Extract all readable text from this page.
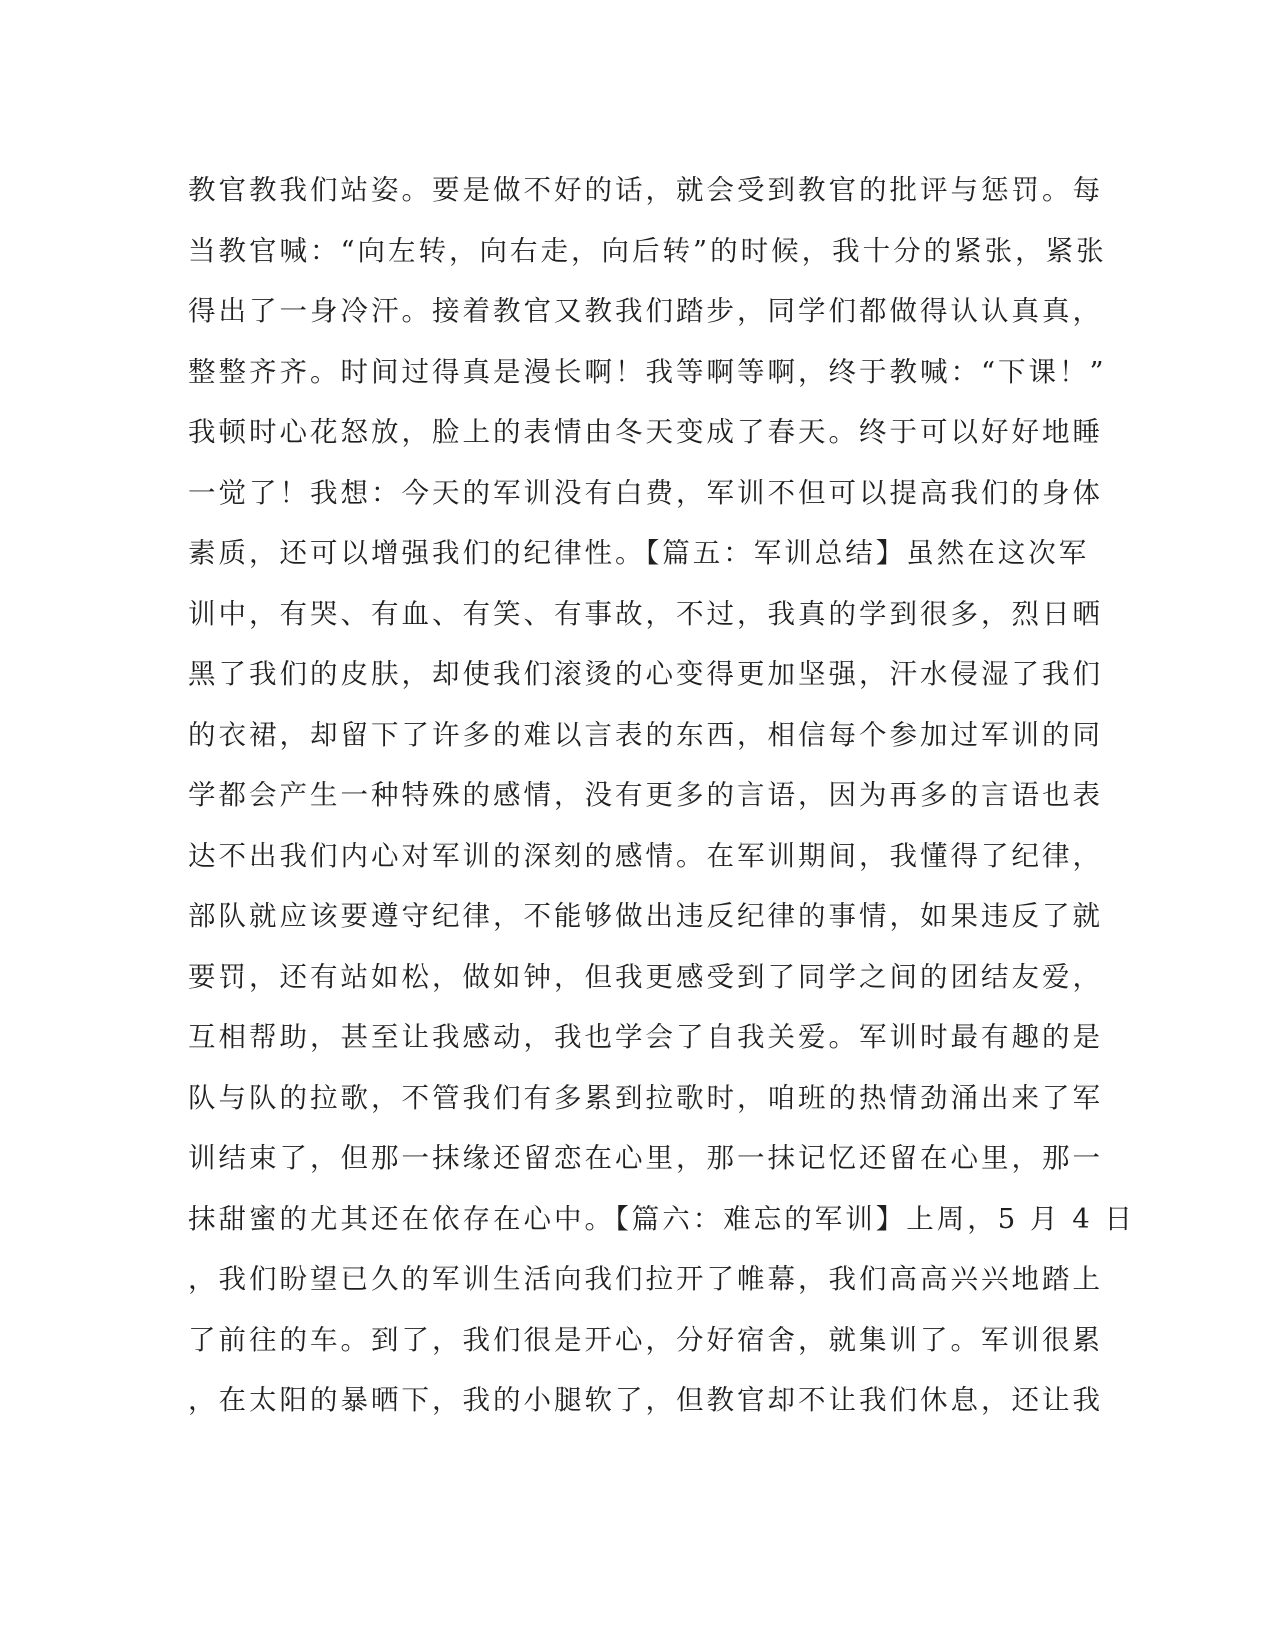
教官教我们站姿。要是做不好的话，就会受到教官的批评与惩罚。每
当教官喊：“向左转，向右走，向后转”的时候，我十分的紧张，紧张
得出了一身冷汗。接着教官又教我们踏步，同学们都做得认认真真，
整整齐齐。时间过得真是漫长啊！我等啊等啊，终于教喊：“下课！”
我顿时心花怒放，脸上的表情由冬天变成了春天。终于可以好好地睡
一觉了！我想：今天的军训没有白费，军训不但可以提高我们的身体
素质，还可以增强我们的纪律性。【篇五：军训总结】虽然在这次军
训中，有哭、有血、有笑、有事故，不过，我真的学到很多，烈日晒
黑了我们的皮肤，却使我们滚烫的心变得更加坚强，汗水侵湿了我们
的衣裙，却留下了许多的难以言表的东西，相信每个参加过军训的同
学都会产生一种特殊的感情，没有更多的言语，因为再多的言语也表
达不出我们内心对军训的深刻的感情。在军训期间，我懂得了纪律，
部队就应该要遵守纪律，不能够做出违反纪律的事情，如果违反了就
要罚，还有站如松，做如钟，但我更感受到了同学之间的团结友爱，
互相帮助，甚至让我感动，我也学会了自我关爱。军训时最有趣的是
队与队的拉歌，不管我们有多累到拉歌时，咱班的热情劲涌出来了军
训结束了，但那一抹缘还留恋在心里，那一抹记忆还留在心里，那一
抹甜蜜的尤其还在依存在心中。【篇六：难忘的军训】上周，5 月 4 日
，我们盼望已久的军训生活向我们拉开了帷幕，我们高高兴兴地踏上
了前往的车。到了，我们很是开心，分好宿舍，就集训了。军训很累
，在太阳的暴晒下，我的小腿软了，但教官却不让我们休息，还让我
